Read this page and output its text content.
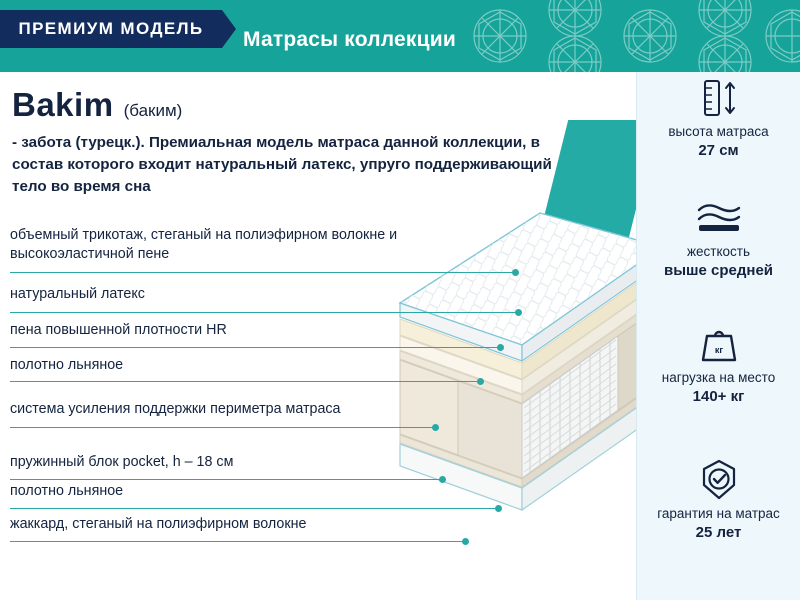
ПРЕМИУМ МОДЕЛЬ Матрасы коллекции
Bakim (баким)
- забота (турецк.). Премиальная модель матраса данной коллекции, в состав которого входит натуральный латекс, упруго поддерживающий тело во время сна
объемный трикотаж, стеганый на полиэфирном волокне и высокоэластичной пене
натуральный латекс
пена повышенной плотности HR
полотно льняное
система усиления поддержки периметра матраса
пружинный блок pocket, h – 18 см
полотно льняное
жаккард, стеганый на полиэфирном волокне
высота матраса
27 см
жесткость
выше средней
кг
нагрузка на место
140+ кг
гарантия на матрас
25 лет
